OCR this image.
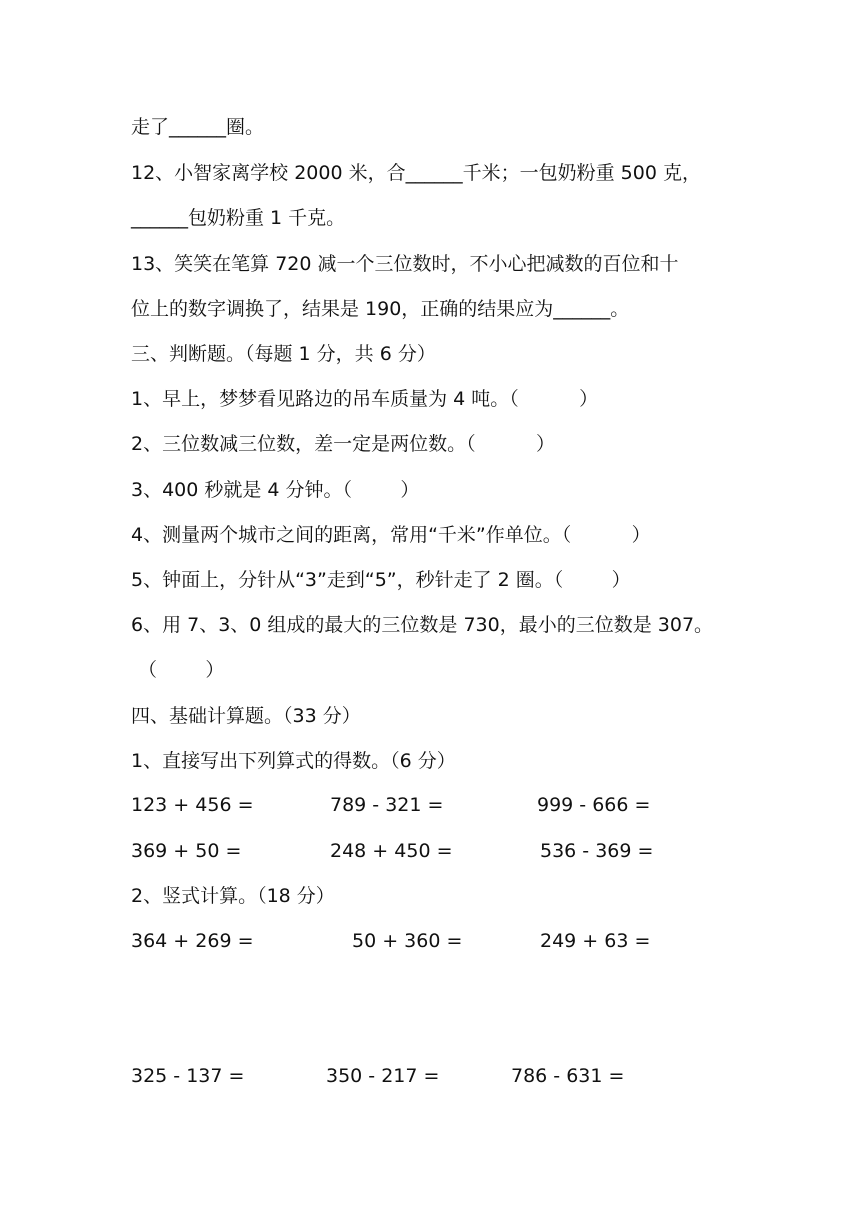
走了______圈。
12、小智家离学校 2000 米，合______千米；一包奶粉重 500 克，
______包奶粉重 1 千克。
13、笑笑在笔算 720 减一个三位数时，不小心把减数的百位和十
位上的数字调换了，结果是 190，正确的结果应为______。
三、判断题。（每题 1 分，共 6 分）
1、早上，梦梦看见路边的吊车质量为 4 吨。（          ）
2、三位数减三位数，差一定是两位数。（          ）
3、400 秒就是 4 分钟。（        ）
4、测量两个城市之间的距离，常用“千米”作单位。（          ）
5、钟面上，分针从“3”走到“5”，秒针走了 2 圈。（        ）
6、用 7、3、0 组成的最大的三位数是 730，最小的三位数是 307。
（        ）
四、基础计算题。（33 分）
1、直接写出下列算式的得数。（6 分）
123 + 456 =	789 - 321 =	999 - 666 =
369 + 50 =	248 + 450 =	536 - 369 =
2、竖式计算。（18 分）
364 + 269 =	50 + 360 =	249 + 63 =
325 - 137 =	350 - 217 =	786 - 631 =
